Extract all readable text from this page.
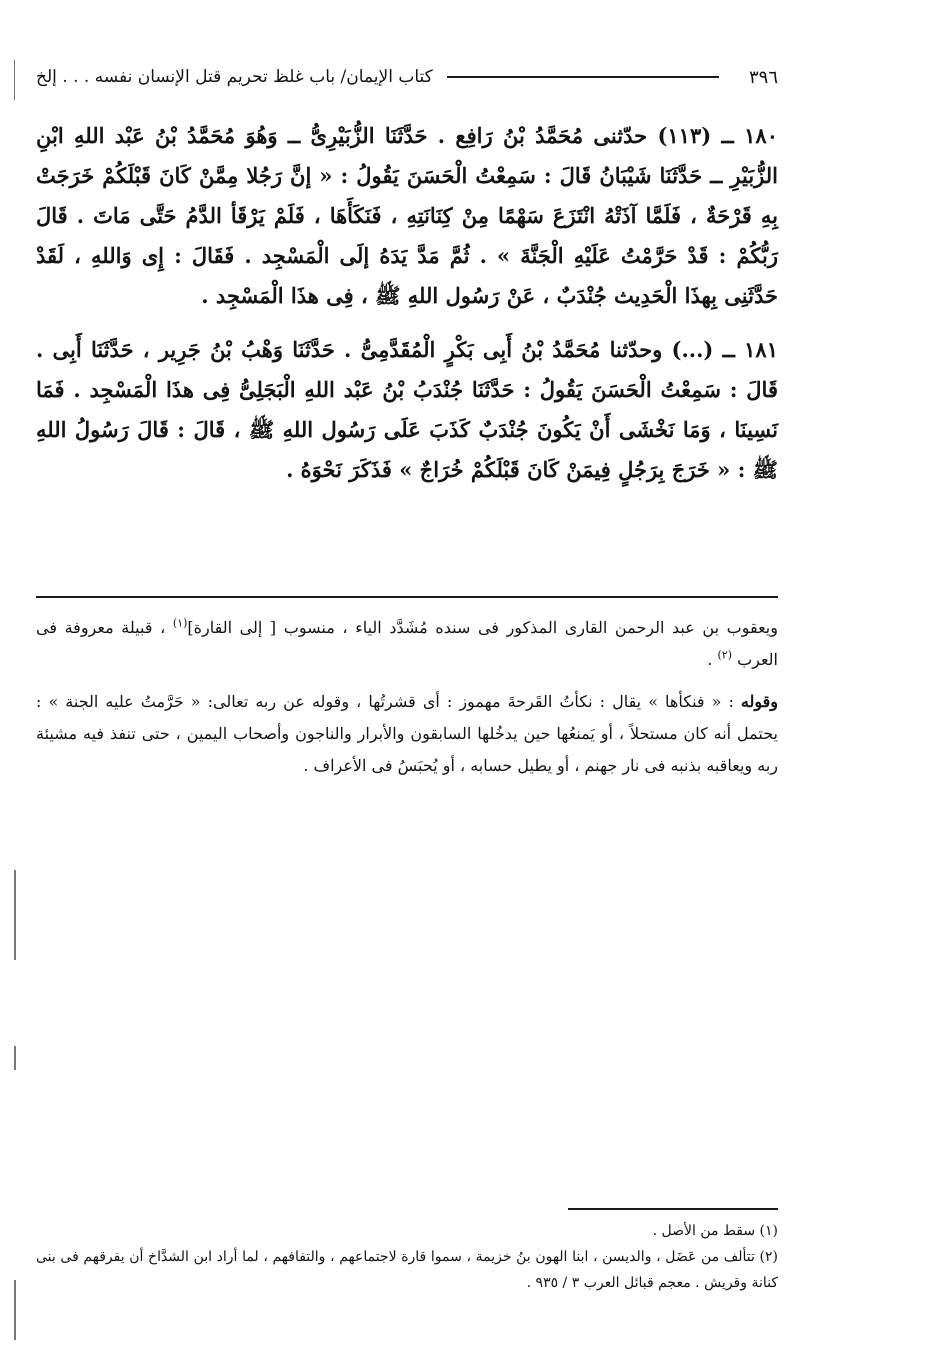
٣٩٦
كتاب الإيمان/ باب غلظ تحريم قتل الإنسان نفسه . . . إلخ

١٨٠ ــ (١١٣) حدّثنى مُحَمَّدُ بْنُ رَافِع . حَدَّثَنَا الزُّبَيْرِىُّ ــ وَهُوَ مُحَمَّدُ بْنُ عَبْد اللهِ ابْنِ الزُّبَيْرِ ــ حَدَّثَنَا شَيْبَانُ قَالَ : سَمِعْتُ الْحَسَنَ يَقُولُ : « إنَّ رَجُلا مِمَّنْ كَانَ قَبْلَكُمْ خَرَجَتْ بِهِ قَرْحَةٌ ، فَلَمَّا آذَتْهُ انْتَزَعَ سَهْمًا مِنْ كِنَانَتِهِ ، فَنَكَأَهَا ، فَلَمْ يَرْقَأ الدَّمُ حَتَّى مَاتَ . قَالَ رَبُّكُمْ : قَدْ حَرَّمْتُ عَلَيْهِ الْجَنَّةَ » . ثُمَّ مَدَّ يَدَهُ إلَى الْمَسْجِد . فَقَالَ : إِى وَاللهِ ، لَقَدْ حَدَّثَنِى بِهذَا الْحَدِيث جُنْدَبٌ ، عَنْ رَسُول اللهِ ﷺ ، فِى هذَا الْمَسْجِد .

١٨١ ــ (...) وحدّثنا مُحَمَّدُ بْنُ أَبِى بَكْرٍ الْمُقَدَّمِىُّ . حَدَّثَنَا وَهْبُ بْنُ جَرِير ، حَدَّثَنَا أَبِى . قَالَ : سَمِعْتُ الْحَسَنَ يَقُولُ : حَدَّثَنَا جُنْدَبُ بْنُ عَبْد اللهِ الْبَجَلِىُّ فِى هذَا الْمَسْجِد . فَمَا نَسِينَا ، وَمَا نَخْشَى أَنْ يَكُونَ جُنْدَبٌ كَذَبَ عَلَى رَسُول اللهِ ﷺ ، قَالَ : قَالَ رَسُولُ اللهِ ﷺ : « خَرَجَ بِرَجُلٍ فِيمَنْ كَانَ قَبْلَكُمْ خُرَاجٌ » فَذَكَرَ نَحْوَهُ .

ويعقوب بن عبد الرحمن القارى المذكور فى سنده مُشَدَّد الياء ، منسوب [ إلى القارة]$^{(١)}$ ، قبيلة معروفة فى العرب $^{(٢)}$ .

وقوله : « فنكأها » يقال : نكأتُ القَرحةَ مهموز : أى قشرتُها ، وقوله عن ربه تعالى: « حَرَّمتُ عليه الجنة » : يحتمل أنه كان مستحلاً ، أو يَمنعُها حين يدخُلها السابقون والأبرار والناجون وأصحاب اليمين ، حتى تنفذ فيه مشيئة ربه ويعاقبه بذنبه فى نار جهنم ، أو يطيل حسابه ، أو يُحبَسُ فى الأعراف .

(١) سقط من الأصل .

(٢) تتألف من عَضَل ، والديسن ، ابنا الهون بنُ خزيمة ، سموا قارة لاجتماعهم ، والتفافهم ، لما أراد ابن الشدَّاخ أن يفرقهم فى بنى كنانة وقريش . معجم قبائل العرب ٣ / ٩٣٥ .
